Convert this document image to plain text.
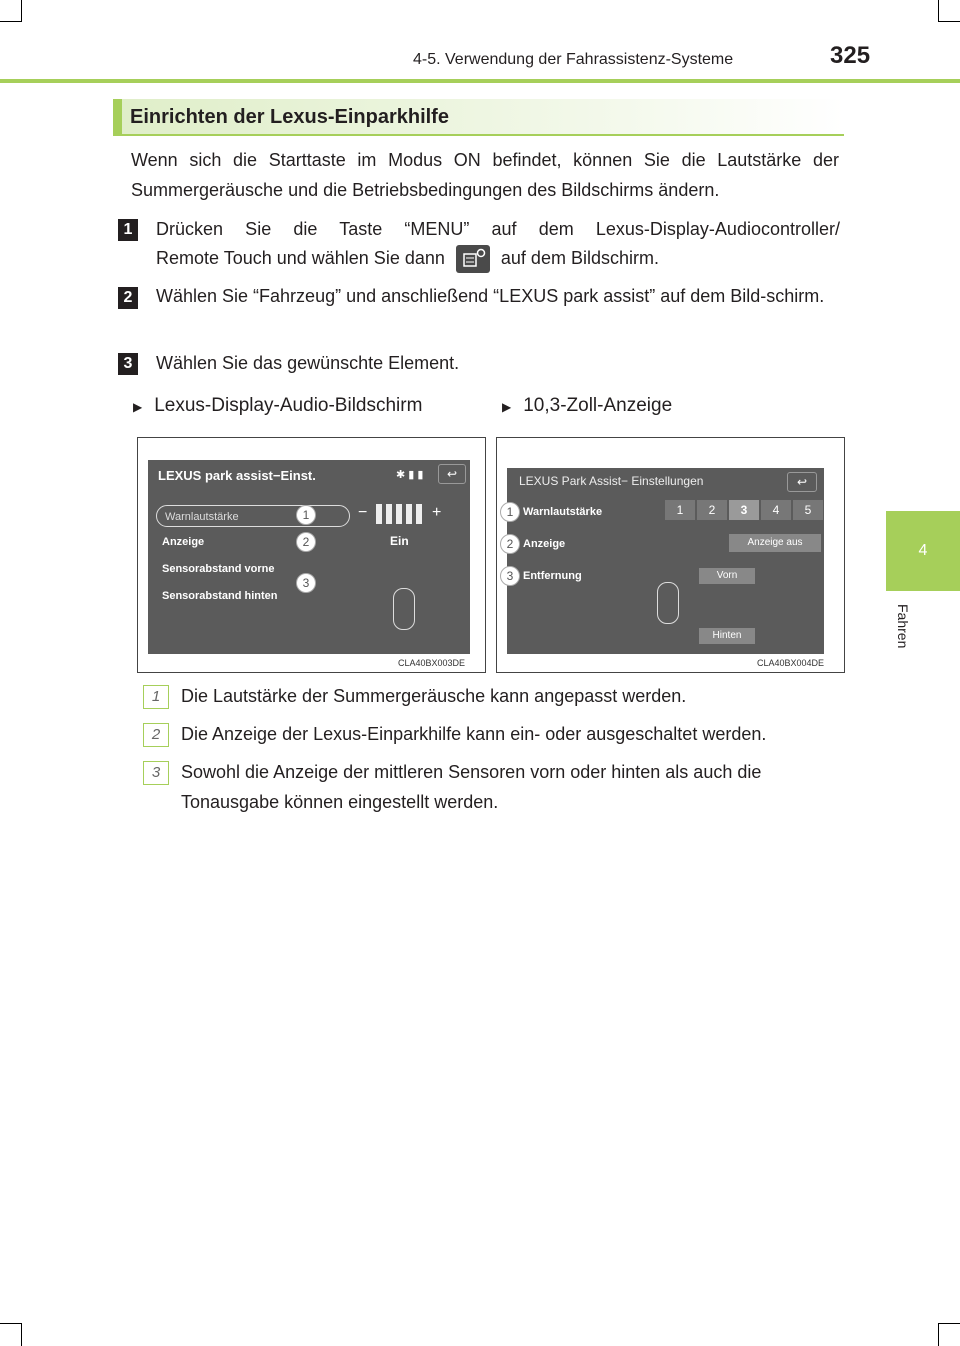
4-5. Verwendung der Fahrassistenz-Systeme	325
4
Fahren
Einrichten der Lexus-Einparkhilfe
Wenn sich die Starttaste im Modus ON befindet, können Sie die Lautstärke der Summergeräusche und die Betriebsbedingungen des Bildschirms ändern.
1	Drücken Sie die Taste “MENU” auf dem Lexus-Display-Audiocontroller/
Remote Touch und wählen Sie dann	auf dem Bildschirm.
2	Wählen Sie “Fahrzeug” und anschließend “LEXUS park assist” auf dem Bild-schirm.
3	Wählen Sie das gewünschte Element.
▶ Lexus-Display-Audio-Bildschirm	▶ 10,3-Zoll-Anzeige
LEXUS park assist−Einst.	✱ ▮ ▮	↩
Warnlautstärke
Anzeige
Sensorabstand vorne
Sensorabstand hinten
−	+
Ein
1
2
3
CLA40BX003DE
LEXUS Park Assist− Einstellungen	↩
Warnlautstärke
Anzeige
Entfernung
1	2	3	4	5
Anzeige aus
Vorn
Hinten
1
2
3
CLA40BX004DE
1	Die Lautstärke der Summergeräusche kann angepasst werden.
2	Die Anzeige der Lexus-Einparkhilfe kann ein- oder ausgeschaltet werden.
3	Sowohl die Anzeige der mittleren Sensoren vorn oder hinten als auch die
Tonausgabe können eingestellt werden.
